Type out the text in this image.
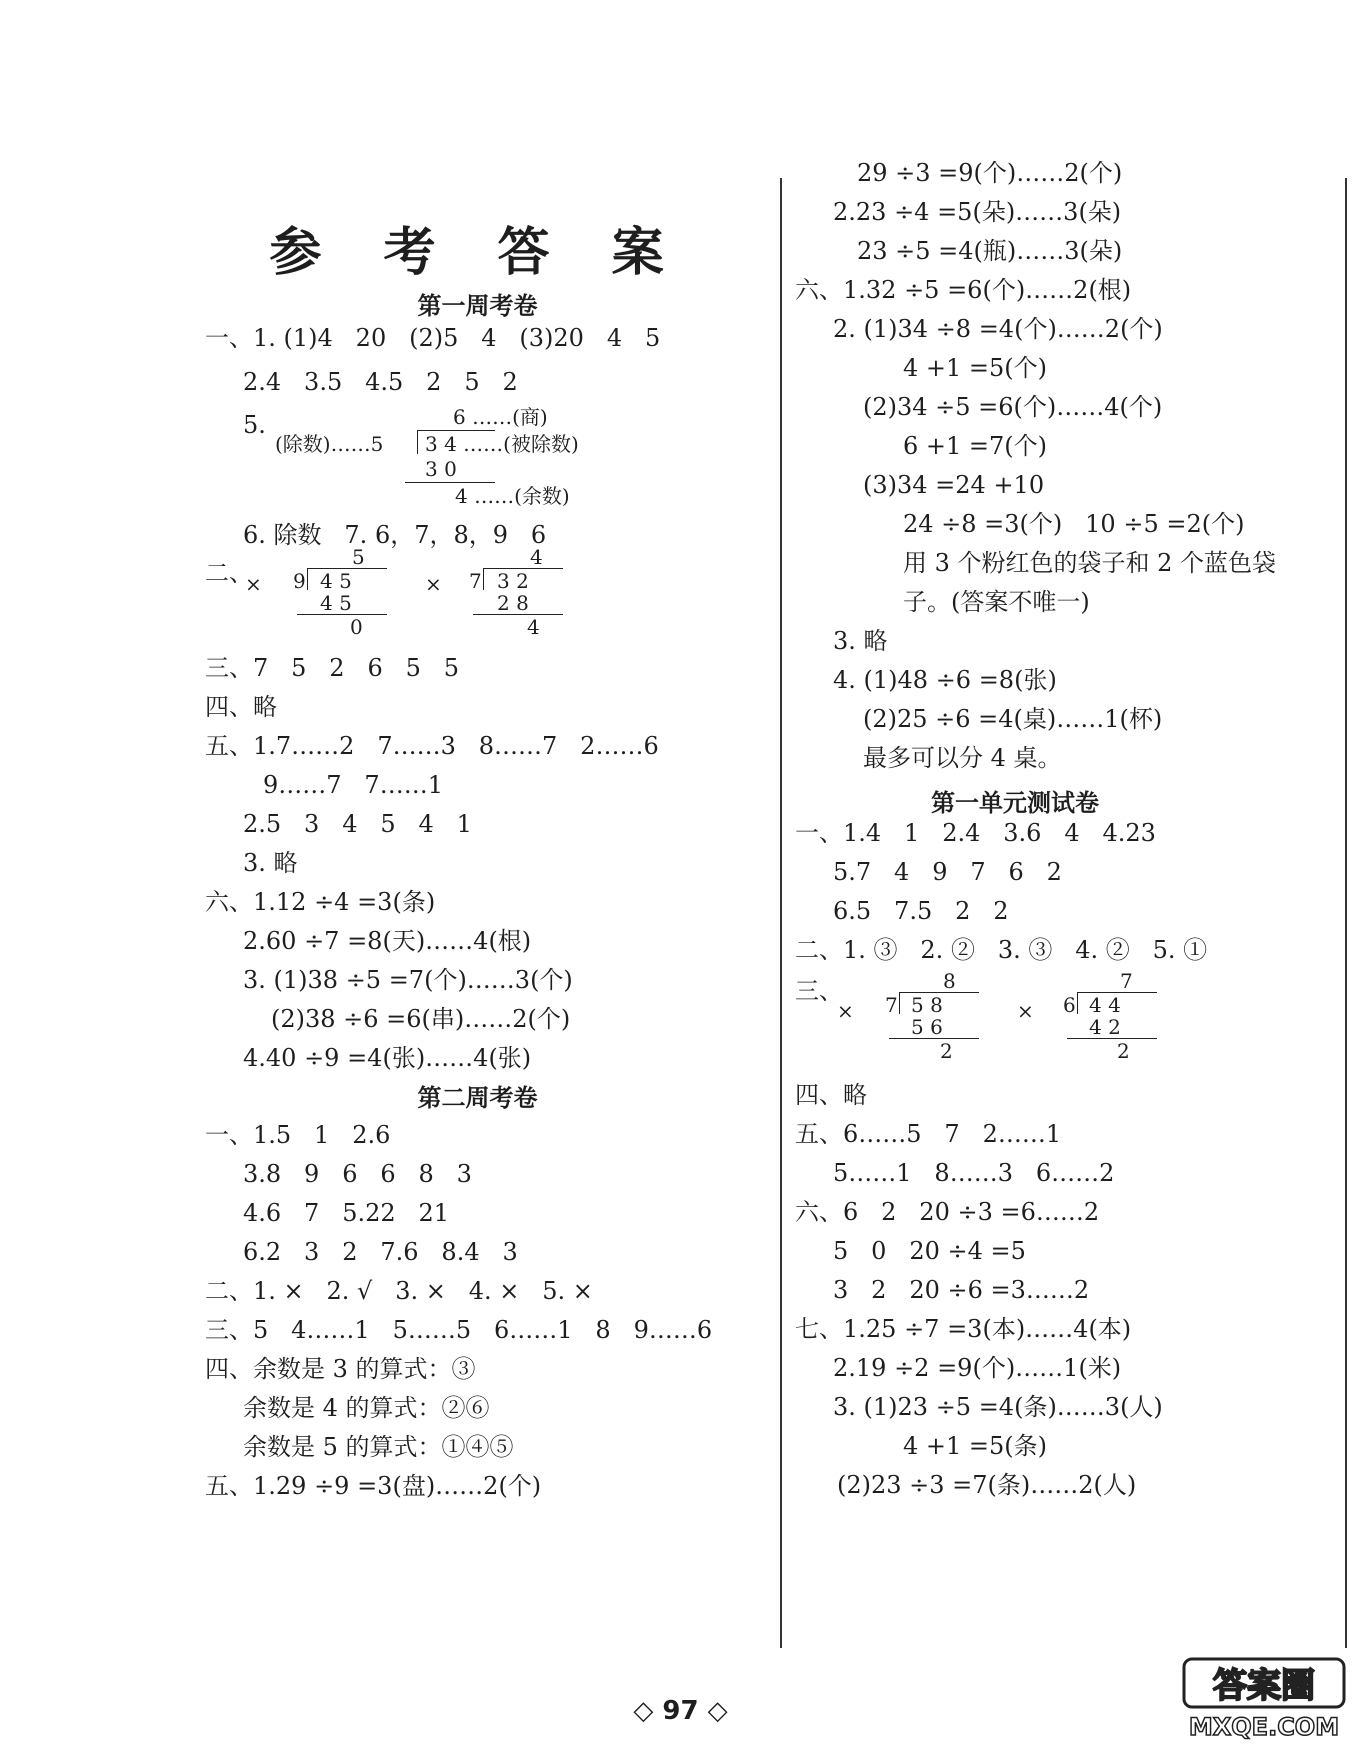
参 考 答 案
第一周考卷
一、1. (1)4   20   (2)5   4   (3)20   4   5
2.4   3.5   4.5   2   5   2
5.	6 ……(商)
(除数)……5 3 4 ……(被除数)
3 0
4 ……(余数)
6. 除数   7. 6，7，8，9   6
二、
×
5
9 4 5
4 5
0
×
4
7 3 2
2 8
4
三、7   5   2   6   5   5
四、略
五、1.7……2   7……3   8……7   2……6
9……7   7……1
2.5   3   4   5   4   1
3. 略
六、1.12 ÷4 =3(条)
2.60 ÷7 =8(天)……4(根)
3. (1)38 ÷5 =7(个)……3(个)
(2)38 ÷6 =6(串)……2(个)
4.40 ÷9 =4(张)……4(张)
第二周考卷
一、1.5   1   2.6
3.8   9   6   6   8   3
4.6   7   5.22   21
6.2   3   2   7.6   8.4   3
二、1. ×   2. √   3. ×   4. ×   5. ×
三、5   4……1   5……5   6……1   8   9……6
四、余数是 3 的算式：③
余数是 4 的算式：②⑥
余数是 5 的算式：①④⑤
五、1.29 ÷9 =3(盘)……2(个)
29 ÷3 =9(个)……2(个)
2.23 ÷4 =5(朵)……3(朵)
23 ÷5 =4(瓶)……3(朵)
六、1.32 ÷5 =6(个)……2(根)
2. (1)34 ÷8 =4(个)……2(个)
4 +1 =5(个)
(2)34 ÷5 =6(个)……4(个)
6 +1 =7(个)
(3)34 =24 +10
24 ÷8 =3(个)   10 ÷5 =2(个)
用 3 个粉红色的袋子和 2 个蓝色袋
子。(答案不唯一)
3. 略
4. (1)48 ÷6 =8(张)
(2)25 ÷6 =4(桌)……1(杯)
最多可以分 4 桌。
第一单元测试卷
一、1.4   1   2.4   3.6   4   4.23
5.7   4   9   7   6   2
6.5   7.5   2   2
二、1. ③   2. ②   3. ③   4. ②   5. ①
三、
×
8
7 5 8
5 6
2
×
7
6 4 4
4 2
2
四、略
五、6……5   7   2……1
5……1   8……3   6……2
六、6   2   20 ÷3 =6……2
5   0   20 ÷4 =5
3   2   20 ÷6 =3……2
七、1.25 ÷7 =3(本)……4(本)
2.19 ÷2 =9(个)……1(米)
3. (1)23 ÷5 =4(条)……3(人)
4 +1 =5(条)
(2)23 ÷3 =7(条)……2(人)
◇ 97 ◇
答案圈
MXQE.COM
